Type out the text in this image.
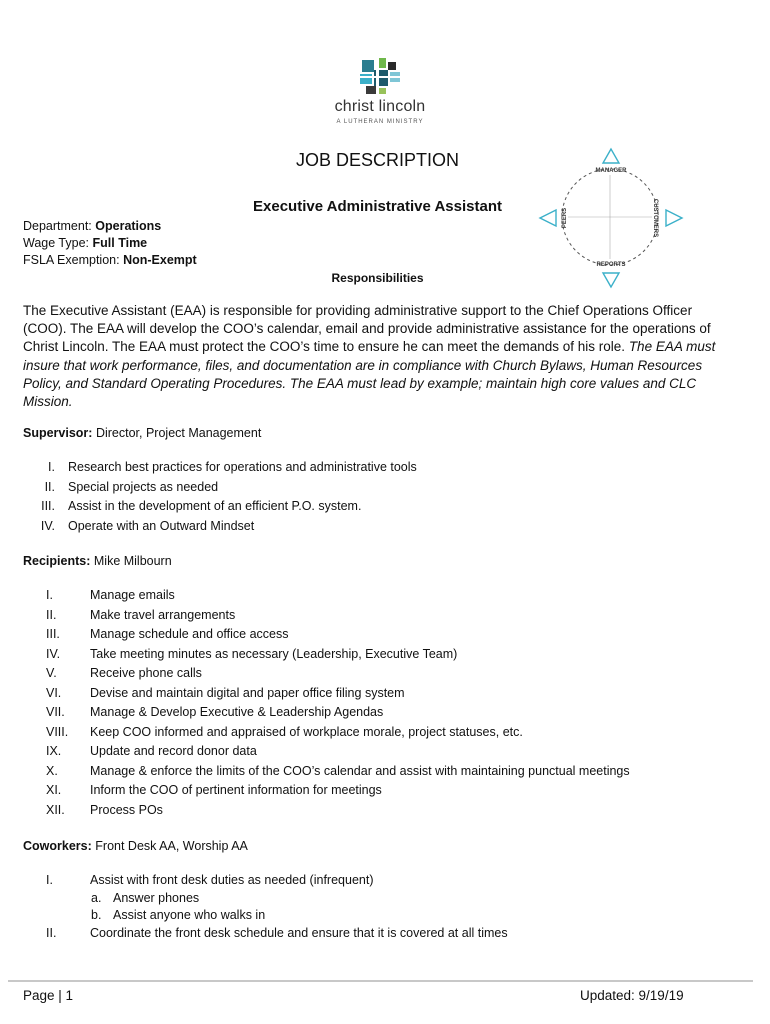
christ lincoln
A LUTHERAN MINISTRY
JOB DESCRIPTION
Executive Administrative Assistant
Department: Operations
Wage Type: Full Time
FSLA Exemption: Non-Exempt
Responsibilities
MANAGER
REPORTS
PEERS	CUSTOMERS
The Executive Assistant (EAA) is responsible for providing administrative support to the Chief Operations Officer (COO). The EAA will develop the COO’s calendar, email and provide administrative assistance for the operations of Christ Lincoln. The EAA must protect the COO’s time to ensure he can meet the demands of his role. The EAA must insure that work performance, files, and documentation are in compliance with Church Bylaws, Human Resources Policy, and Standard Operating Procedures. The EAA must lead by example; maintain high core values and CLC Mission.
Supervisor: Director, Project Management
I. Research best practices for operations and administrative tools
II. Special projects as needed
III. Assist in the development of an efficient P.O. system.
IV. Operate with an Outward Mindset
Recipients: Mike Milbourn
I.	Manage emails
II.	Make travel arrangements
III. Manage schedule and office access
IV. Take meeting minutes as necessary (Leadership, Executive Team)
V.	Receive phone calls
VI. Devise and maintain digital and paper office filing system
VII. Manage & Develop Executive & Leadership Agendas
VIII. Keep COO informed and appraised of workplace morale, project statuses, etc.
IX. Update and record donor data
X.	Manage & enforce the limits of the COO’s calendar and assist with maintaining punctual meetings
XI. Inform the COO of pertinent information for meetings
XII. Process POs
Coworkers: Front Desk AA, Worship AA
I.	Assist with front desk duties as needed (infrequent)
a. Answer phones
b. Assist anyone who walks in
II.	Coordinate the front desk schedule and ensure that it is covered at all times
Page | 1	Updated: 9/19/19
